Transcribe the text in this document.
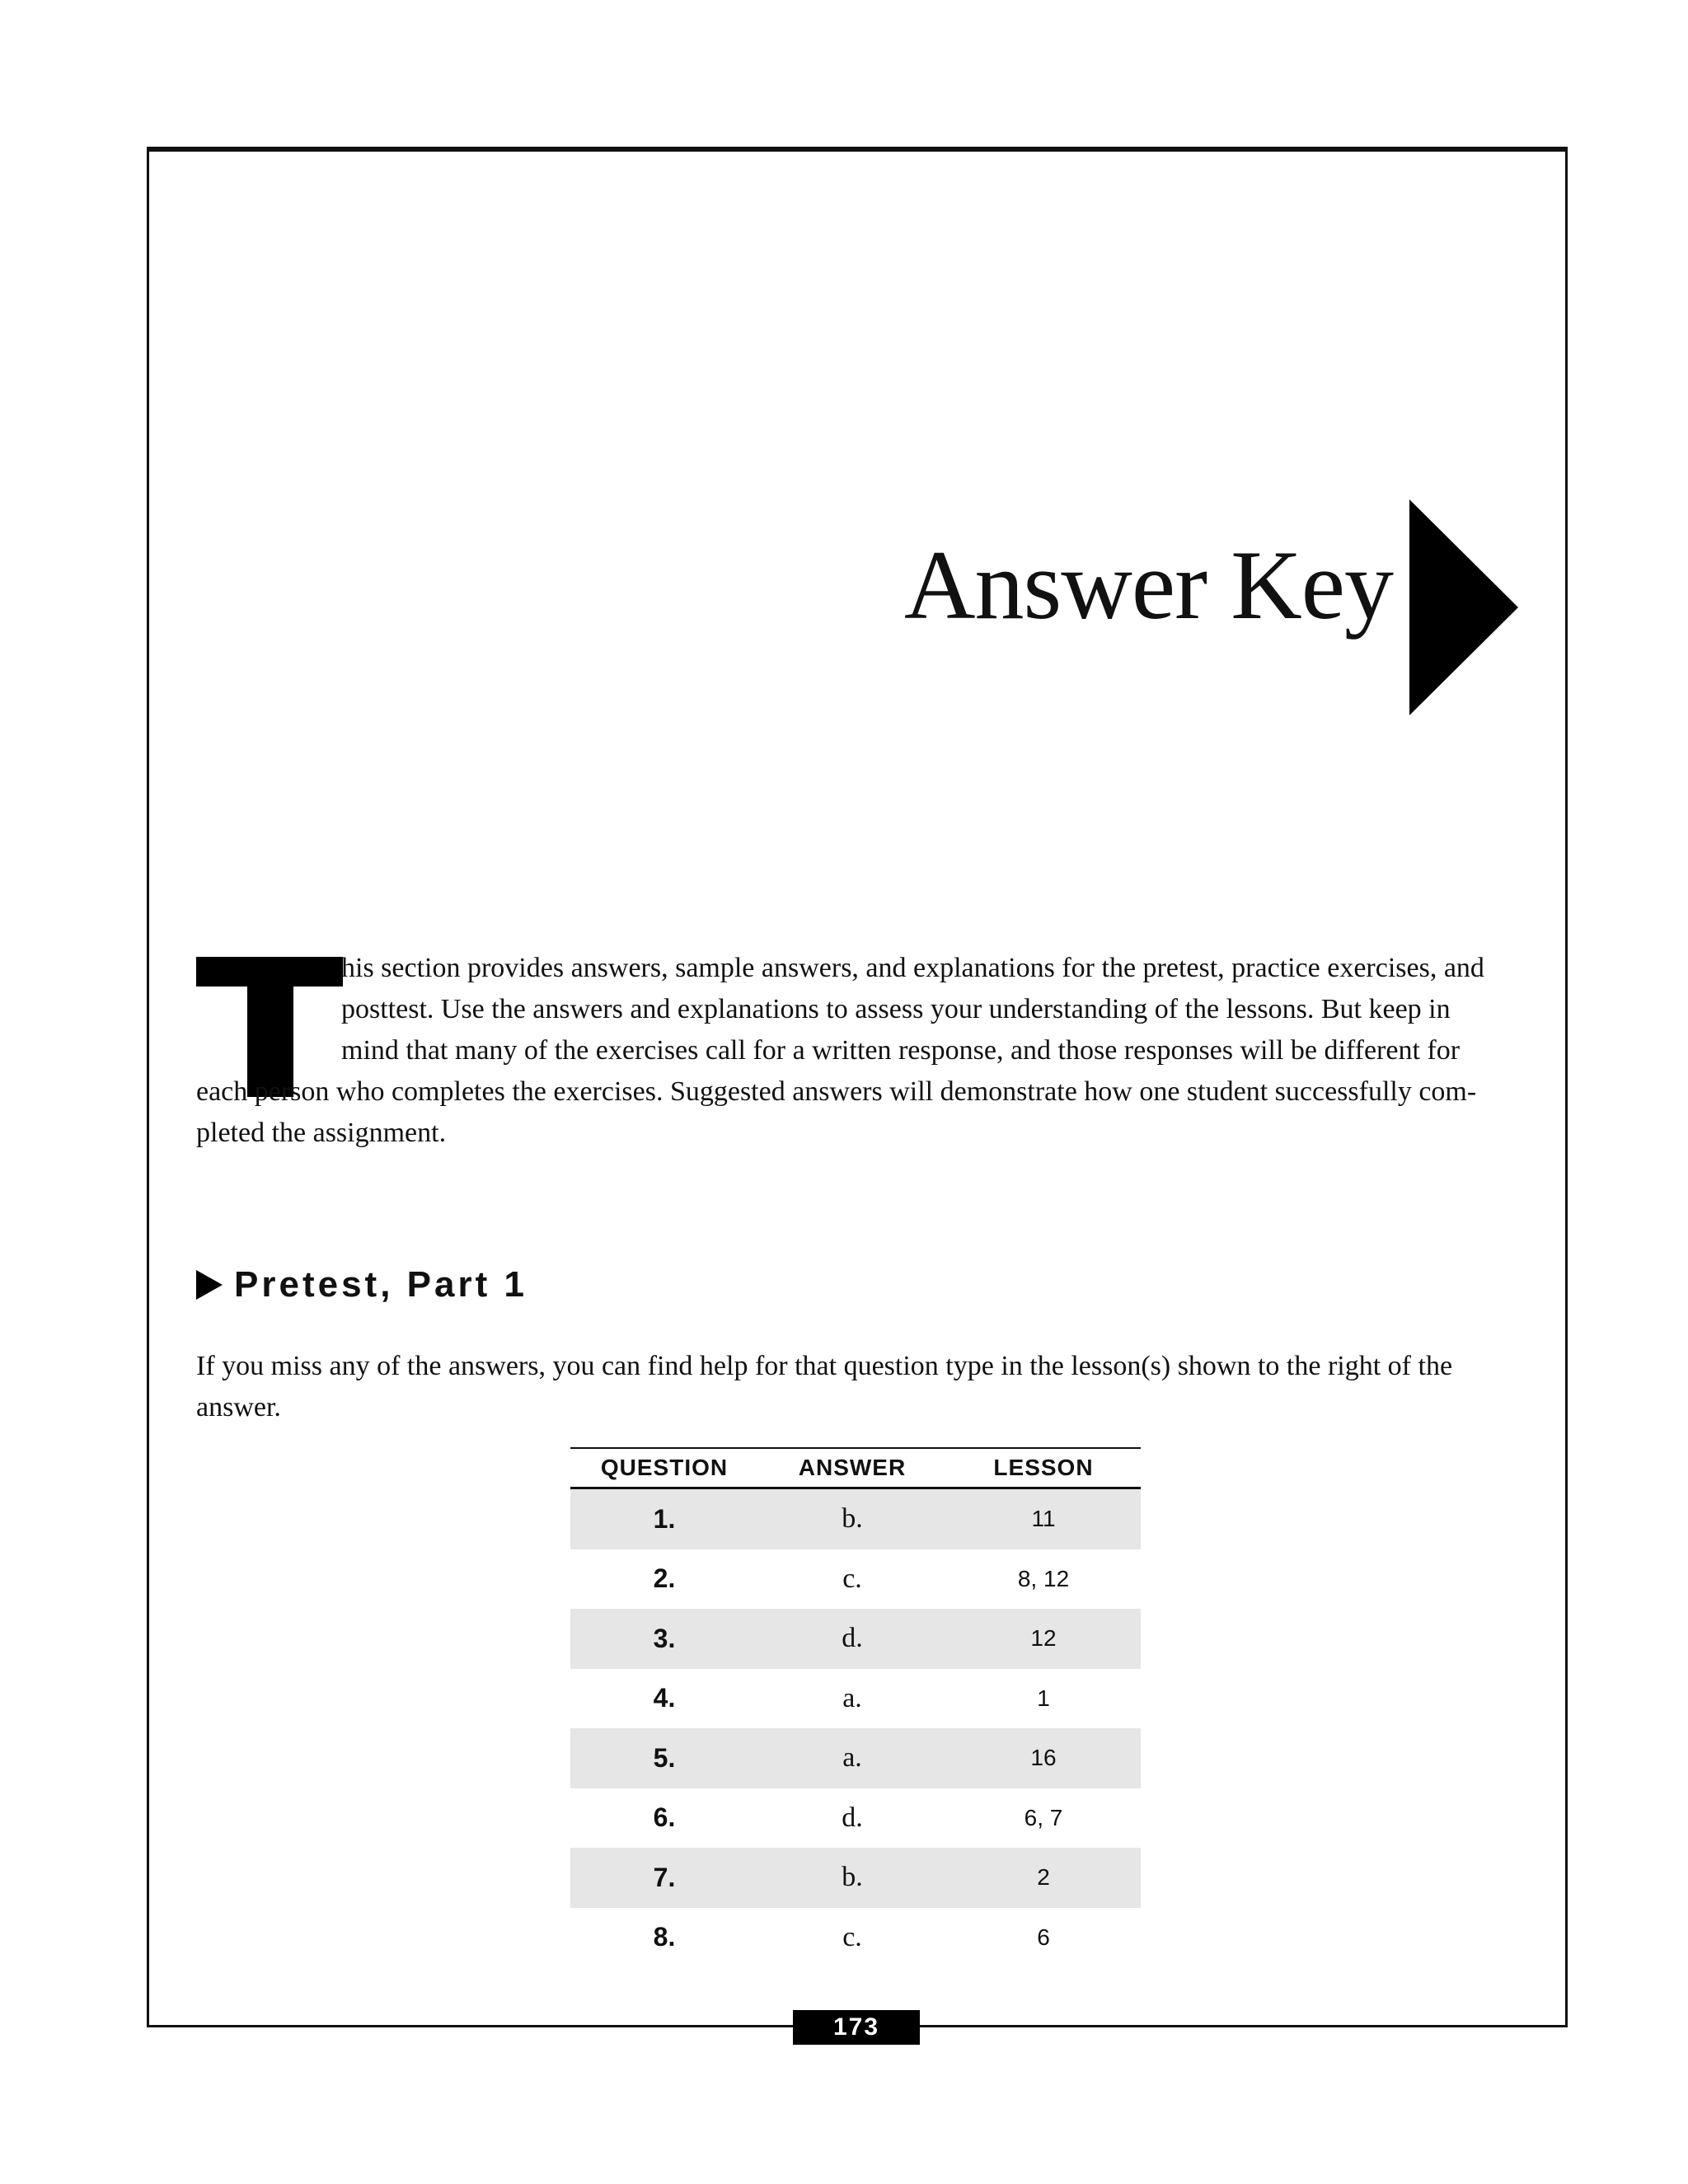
Answer Key
his section provides answers, sample answers, and explanations for the pretest, practice exercises, and
posttest. Use the answers and explanations to assess your understanding of the lessons. But keep in
mind that many of the exercises call for a written response, and those responses will be different for
each person who completes the exercises. Suggested answers will demonstrate how one student successfully com-
pleted the assignment.
Pretest, Part 1
If you miss any of the answers, you can find help for that question type in the lesson(s) shown to the right of the
answer.
QUESTION	ANSWER	LESSON
1.	b.	11
2.	c.	8, 12
3.	d.	12
4.	a.	1
5.	a.	16
6.	d.	6, 7
7.	b.	2
8.	c.	6
173
